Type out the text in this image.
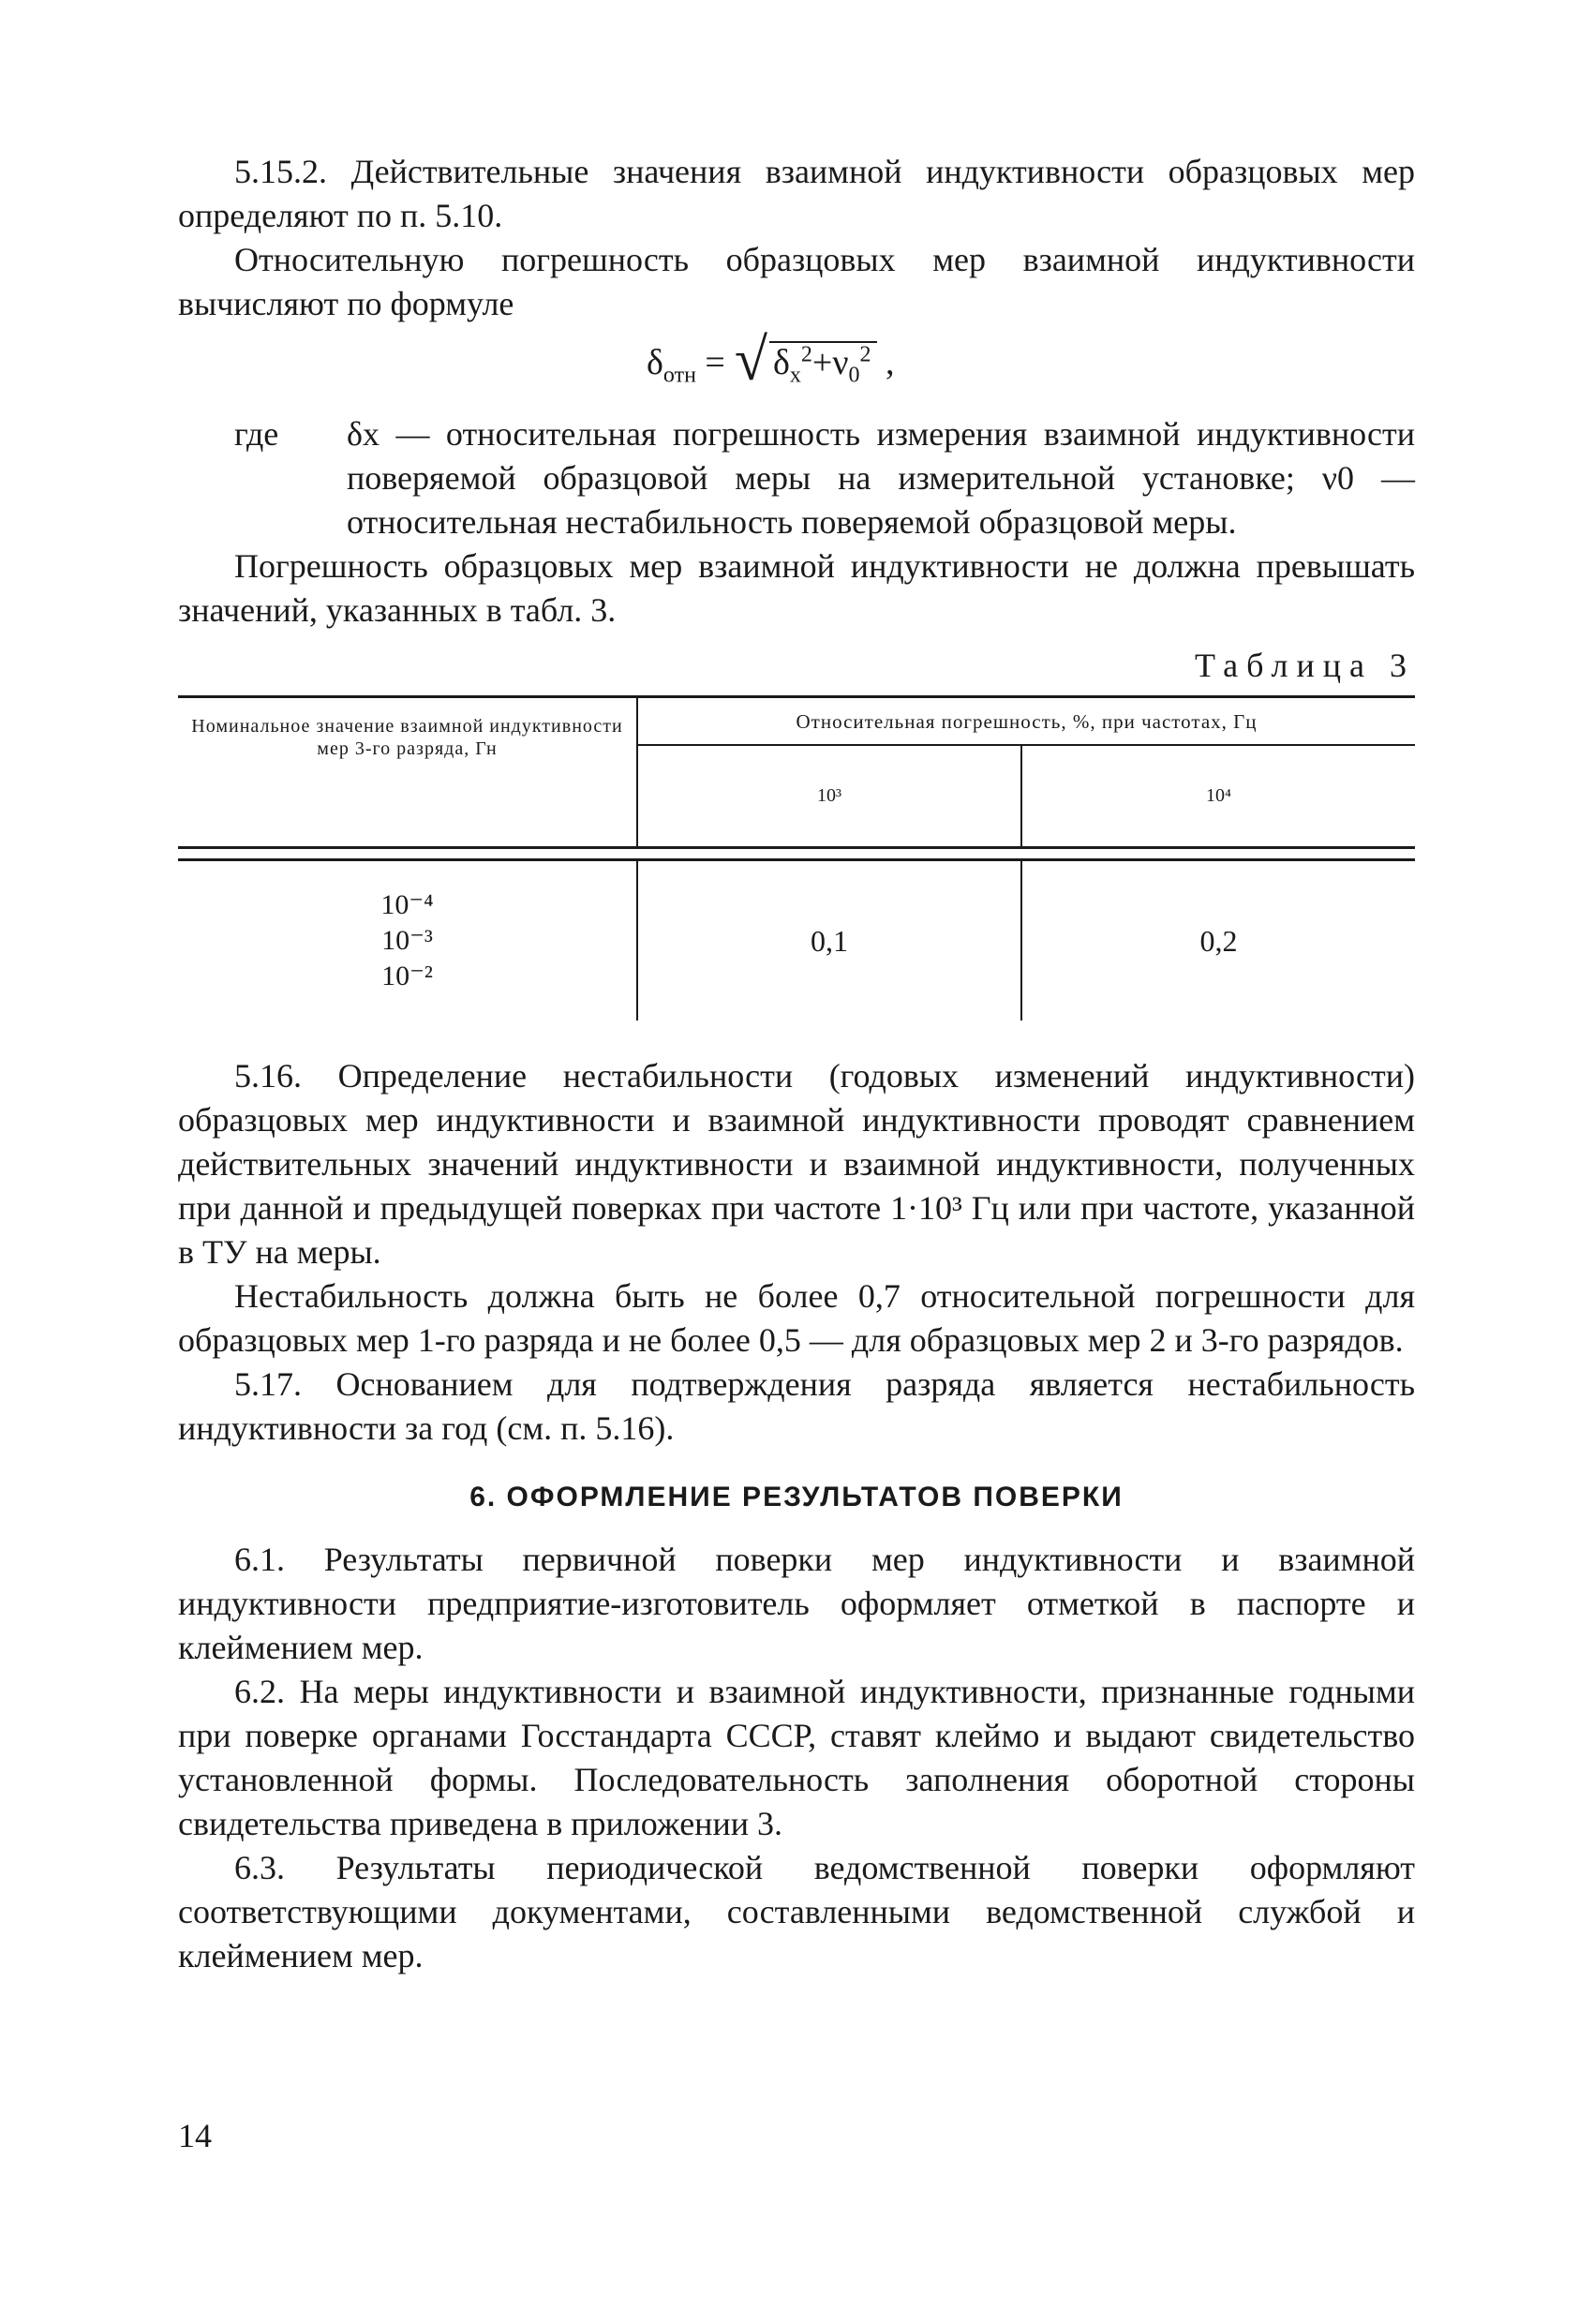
5.15.2. Действительные значения взаимной индуктивности образцовых мер определяют по п. 5.10.

Относительную погрешность образцовых мер взаимной индуктивности вычисляют по формуле

$\delta_{отн}$ = √ $\delta_x^2+\nu_0^2$ ,
где δx — относительная погрешность измерения взаимной индуктивности поверяемой образцовой меры на измерительной установке; ν0 — относительная нестабильность поверяемой образцовой меры.

Погрешность образцовых мер взаимной индуктивности не должна превышать значений, указанных в табл. 3.

Таблица 3
Номинальное значение взаимной индуктивности мер 3-го разряда, Гн	Относительная погрешность, %, при частотах, Гц	
	10³	10⁴

10⁻⁴
10⁻³
10⁻²	0,1	0,2

5.16. Определение нестабильности (годовых изменений индуктивности) образцовых мер индуктивности и взаимной индуктивности проводят сравнением действительных значений индуктивности и взаимной индуктивности, полученных при данной и предыдущей поверках при частоте 1·10³ Гц или при частоте, указанной в ТУ на меры.

Нестабильность должна быть не более 0,7 относительной погрешности для образцовых мер 1-го разряда и не более 0,5 — для образцовых мер 2 и 3-го разрядов.

5.17. Основанием для подтверждения разряда является нестабильность индуктивности за год (см. п. 5.16).

6. ОФОРМЛЕНИЕ РЕЗУЛЬТАТОВ ПОВЕРКИ

6.1. Результаты первичной поверки мер индуктивности и взаимной индуктивности предприятие-изготовитель оформляет отметкой в паспорте и клеймением мер.

6.2. На меры индуктивности и взаимной индуктивности, признанные годными при поверке органами Госстандарта СССР, ставят клеймо и выдают свидетельство установленной формы. Последовательность заполнения оборотной стороны свидетельства приведена в приложении 3.

6.3. Результаты периодической ведомственной поверки оформляют соответствующими документами, составленными ведомственной службой и клеймением мер.

14
